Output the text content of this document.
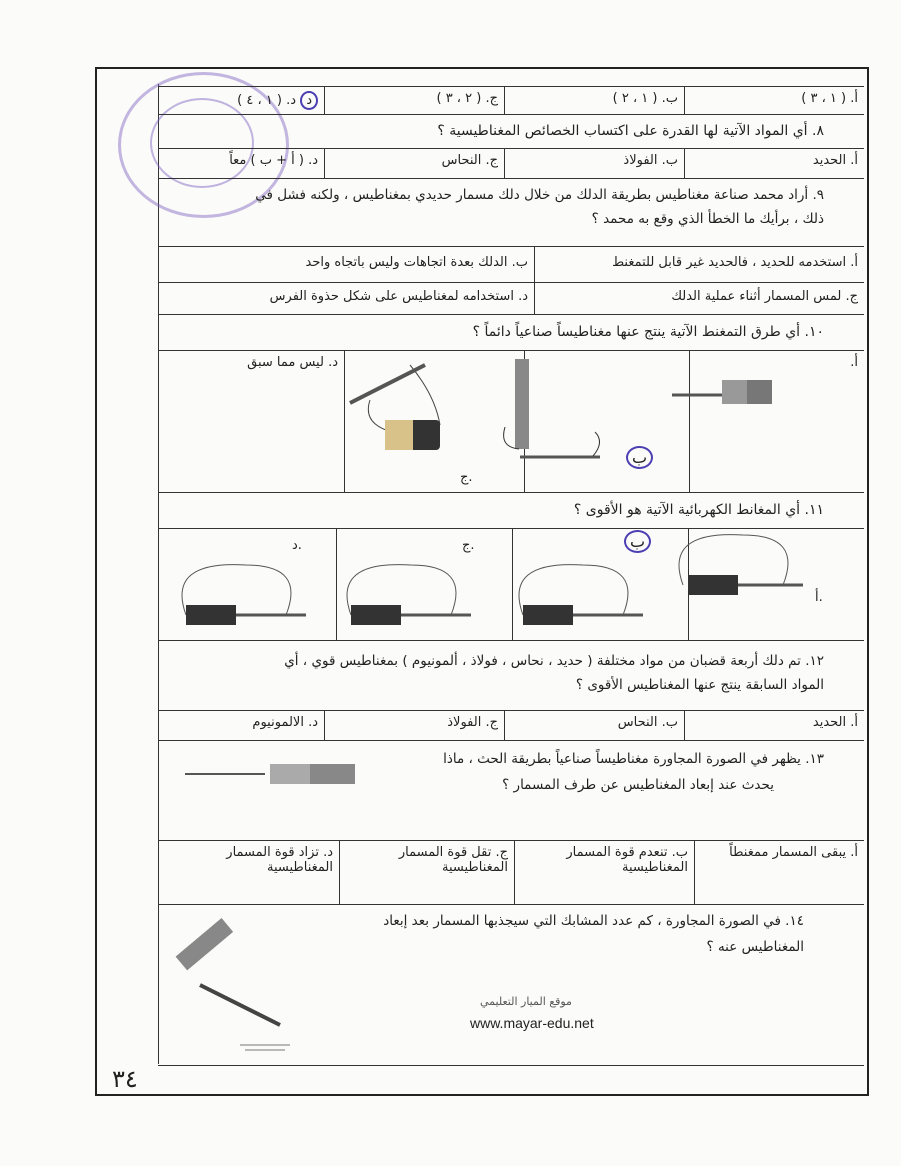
أ. ( ١ ، ٣ )
ب. ( ١ ، ٢ )
ج. ( ٢ ، ٣ )
د د. ( ١ ، ٤ )
٨. أي المواد الآتية لها القدرة على اكتساب الخصائص المغناطيسية ؟
أ. الحديد
ب. الفولاذ
ج. النحاس
د. ( أ + ب ) معاً
٩. أراد محمد صناعة مغناطيس بطريقة الدلك من خلال دلك مسمار حديدي بمغناطيس ، ولكنه فشل في
ذلك ، برأيك ما الخطأ الذي وقع به محمد ؟
أ. استخدمه للحديد ، فالحديد غير قابل للتمغنط
ب. الدلك بعدة اتجاهات وليس باتجاه واحد
ج. لمس المسمار أثناء عملية الدلك
د. استخدامه لمغناطيس على شكل حذوة الفرس
١٠. أي طرق التمغنط الآتية ينتج عنها مغناطيساً صناعياً دائماً ؟
أ.
د. ليس مما سبق
ب
ج.
١١. أي المغانط الكهربائية الآتية هو الأقوى ؟
أ.
ب
ج.
د.
١٢. تم دلك أربعة قضبان من مواد مختلفة ( حديد ، نحاس ، فولاذ ، ألمونيوم ) بمغناطيس قوي ، أي
المواد السابقة ينتج عنها المغناطيس الأقوى ؟
أ. الحديد
ب. النحاس
ج. الفولاذ
د. الالمونيوم
١٣. يظهر في الصورة المجاورة مغناطيساً صناعياً بطريقة الحث ، ماذا
يحدث عند إبعاد المغناطيس عن طرف المسمار ؟
أ. يبقى المسمار ممغنطاً
ب. تنعدم قوة المسمار المغناطيسية
ج. تقل قوة المسمار المغناطيسية
د. تزاد قوة المسمار المغناطيسية
١٤. في الصورة المجاورة ، كم عدد المشابك التي سيجذبها المسمار بعد إبعاد
المغناطيس عنه ؟
موقع الميار التعليمي
www.mayar-edu.net
٣٤
